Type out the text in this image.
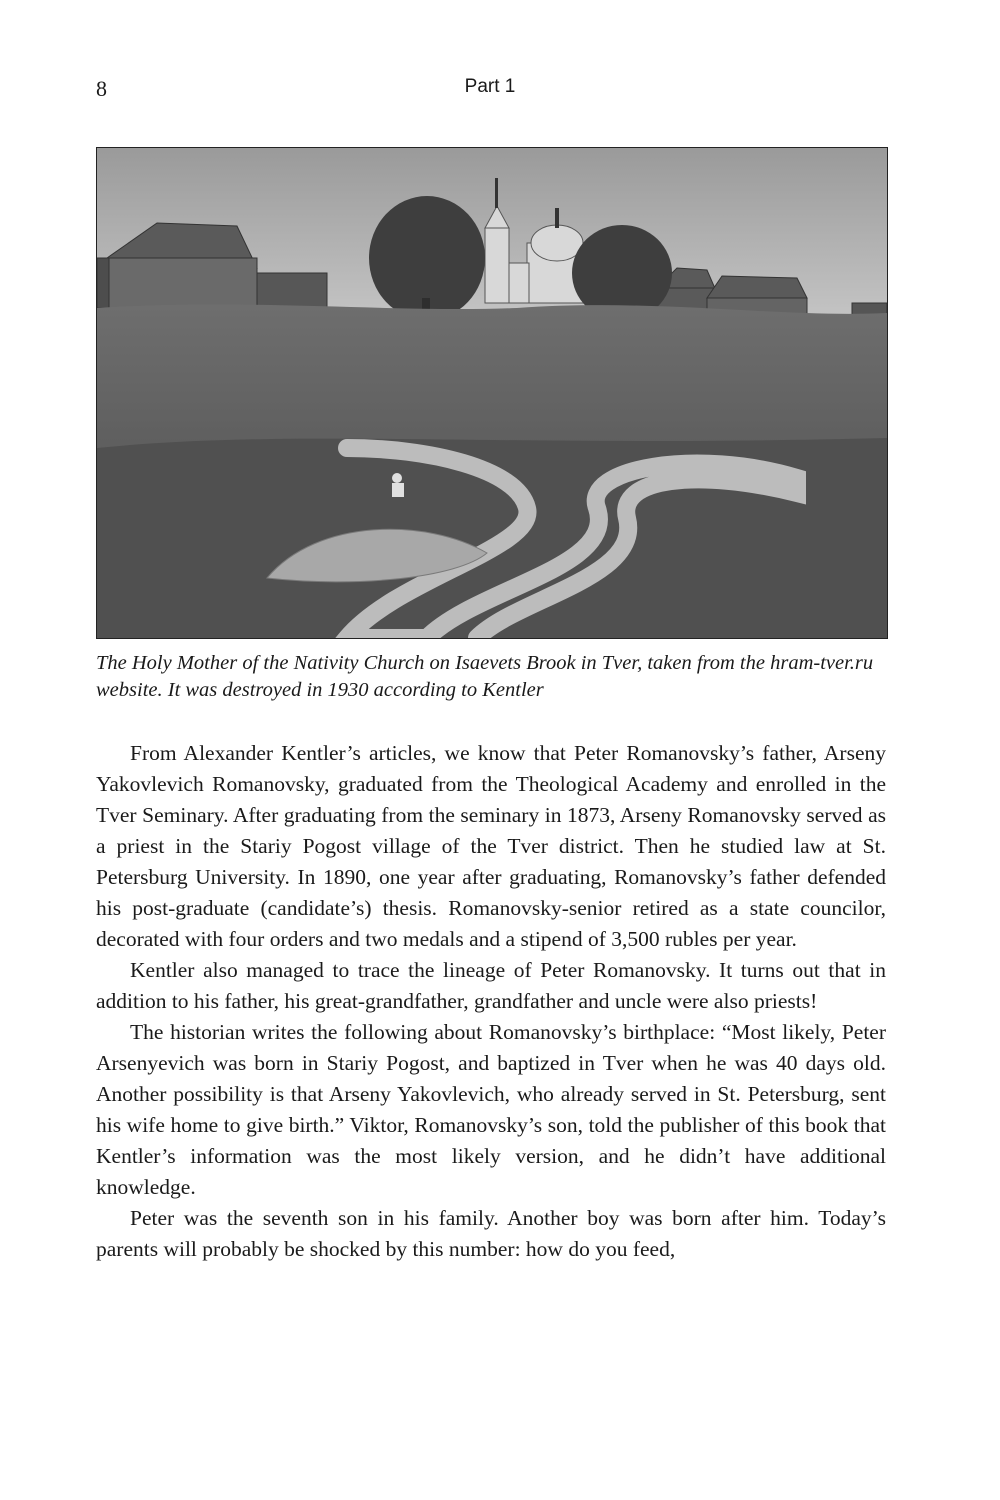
8	Part 1
The Holy Mother of the Nativity Church on Isaevets Brook in Tver, taken from the hram-tver.ru website. It was destroyed in 1930 according to Kentler

From Alexander Kentler’s articles, we know that Peter Romanovsky’s father, Arseny Yakovlevich Romanovsky, graduated from the Theological Academy and enrolled in the Tver Seminary. After graduating from the seminary in 1873, Arseny Romanovsky served as a priest in the Stariy Pogost village of the Tver district. Then he studied law at St. Petersburg University. In 1890, one year after graduating, Romanovsky’s father defended his post-graduate (candidate’s) thesis. Romanovsky-senior retired as a state councilor, decorated with four orders and two medals and a stipend of 3,500 rubles per year.

Kentler also managed to trace the lineage of Peter Romanovsky. It turns out that in addition to his father, his great-grandfather, grandfather and uncle were also priests!

The historian writes the following about Romanovsky’s birthplace: “Most likely, Peter Arsenyevich was born in Stariy Pogost, and baptized in Tver when he was 40 days old. Another possibility is that Arseny Yakovlevich, who already served in St. Petersburg, sent his wife home to give birth.” Viktor, Romanovsky’s son, told the publisher of this book that Kentler’s information was the most likely version, and he didn’t have additional knowledge.

Peter was the seventh son in his family. Another boy was born after him. Today’s parents will probably be shocked by this number: how do you feed,
